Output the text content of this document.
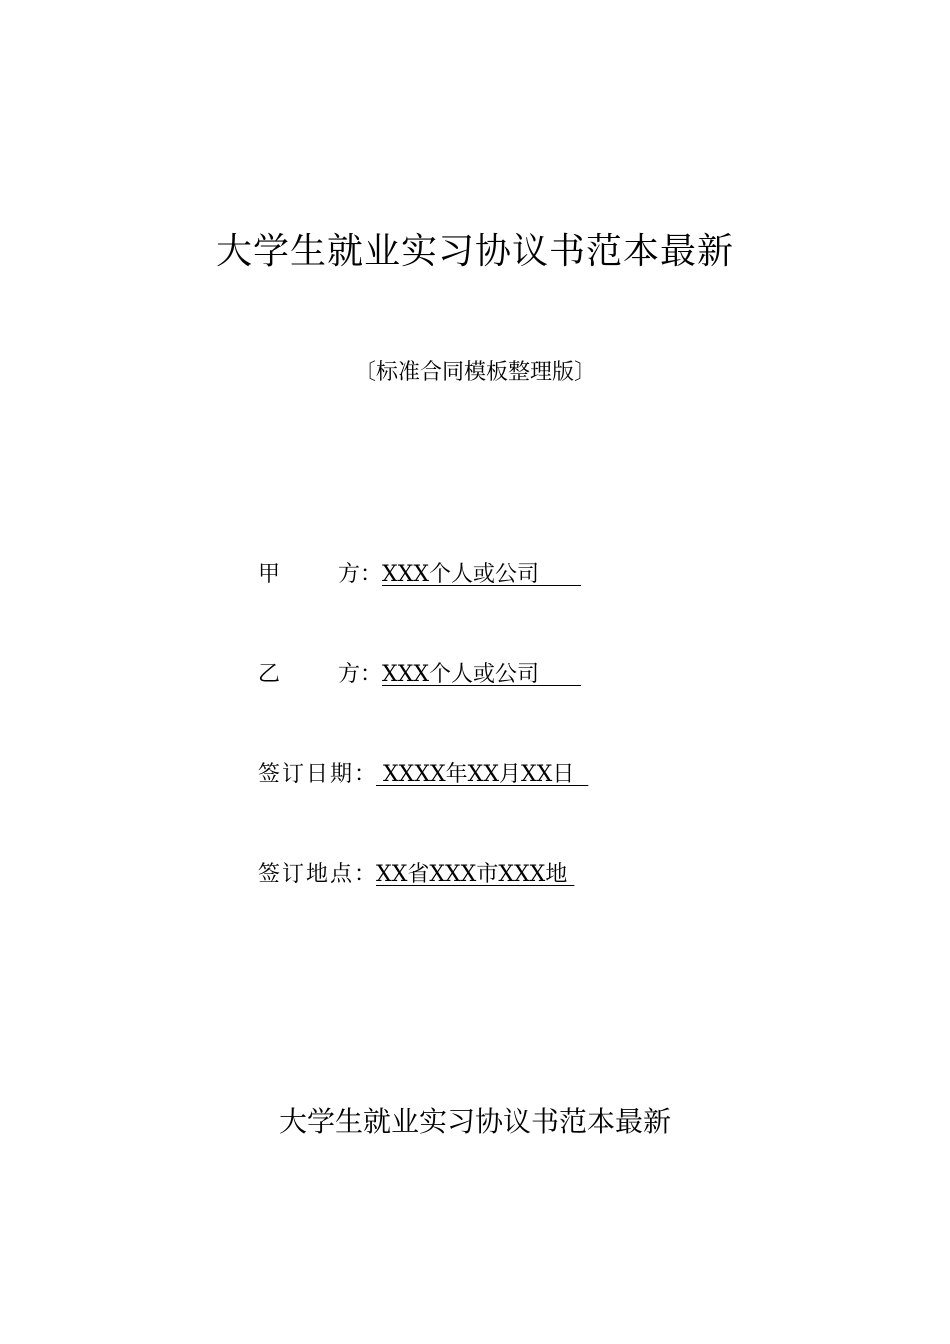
大学生就业实习协议书范本最新
〔标准合同模板整理版〕
甲	方：XXX个人或公司
乙	方：XXX个人或公司
签订日期： XXXX年XX月XX日
签订地点：XX省XXX市XXX地
大学生就业实习协议书范本最新
